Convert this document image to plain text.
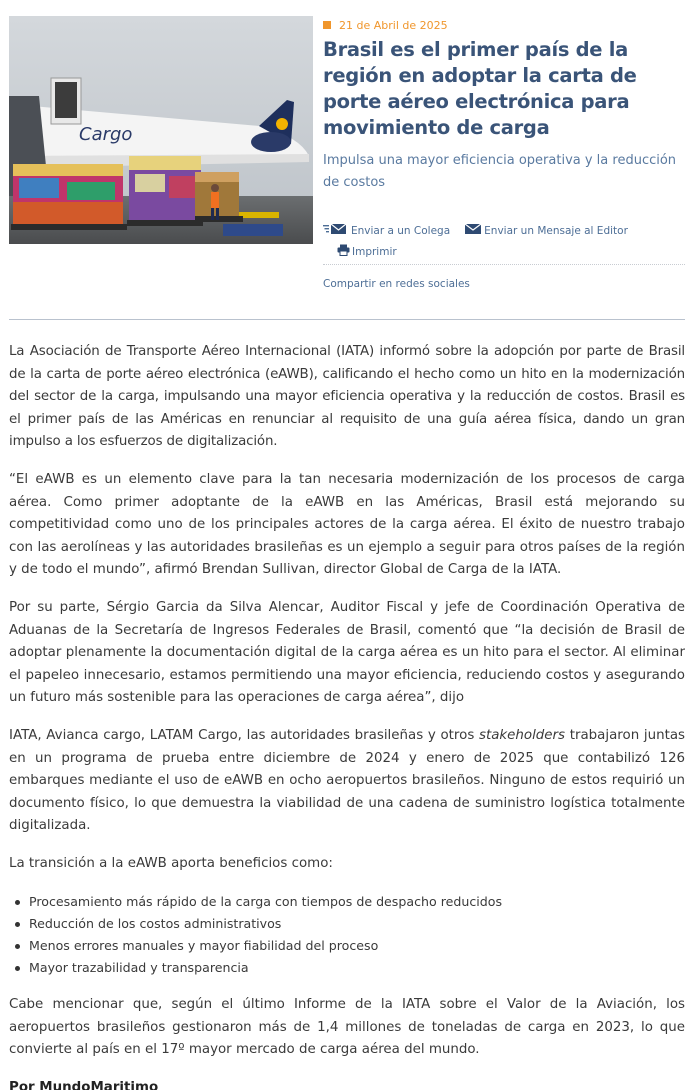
Cargo
21 de Abril de 2025
Brasil es el primer país de la región en adoptar la carta de porte aéreo electrónica para movimiento de carga
Impulsa una mayor eficiencia operativa y la reducción de costos
Enviar a un Colega	Enviar un Mensaje al Editor
Imprimir
Compartir en redes sociales

La Asociación de Transporte Aéreo Internacional (IATA) informó sobre la adopción por parte de Brasil de la carta de porte aéreo electrónica (eAWB), calificando el hecho como un hito en la modernización del sector de la carga, impulsando una mayor eficiencia operativa y la reducción de costos. Brasil es el primer país de las Américas en renunciar al requisito de una guía aérea física, dando un gran impulso a los esfuerzos de digitalización.

“El eAWB es un elemento clave para la tan necesaria modernización de los procesos de carga aérea. Como primer adoptante de la eAWB en las Américas, Brasil está mejorando su competitividad como uno de los principales actores de la carga aérea. El éxito de nuestro trabajo con las aerolíneas y las autoridades brasileñas es un ejemplo a seguir para otros países de la región y de todo el mundo”, afirmó Brendan Sullivan, director Global de Carga de la IATA.

Por su parte, Sérgio Garcia da Silva Alencar, Auditor Fiscal y jefe de Coordinación Operativa de Aduanas de la Secretaría de Ingresos Federales de Brasil, comentó que “la decisión de Brasil de adoptar plenamente la documentación digital de la carga aérea es un hito para el sector. Al eliminar el papeleo innecesario, estamos permitiendo una mayor eficiencia, reduciendo costos y asegurando un futuro más sostenible para las operaciones de carga aérea”, dijo

IATA, Avianca cargo, LATAM Cargo, las autoridades brasileñas y otros stakeholders trabajaron juntas en un programa de prueba entre diciembre de 2024 y enero de 2025 que contabilizó 126 embarques mediante el uso de eAWB en ocho aeropuertos brasileños. Ninguno de estos requirió un documento físico, lo que demuestra la viabilidad de una cadena de suministro logística totalmente digitalizada.

La transición a la eAWB aporta beneficios como:

Procesamiento más rápido de la carga con tiempos de despacho reducidos
Reducción de los costos administrativos
Menos errores manuales y mayor fiabilidad del proceso
Mayor trazabilidad y transparencia

Cabe mencionar que, según el último Informe de la IATA sobre el Valor de la Aviación, los aeropuertos brasileños gestionaron más de 1,4 millones de toneladas de carga en 2023, lo que convierte al país en el 17º mayor mercado de carga aérea del mundo.

Por MundoMaritimo
